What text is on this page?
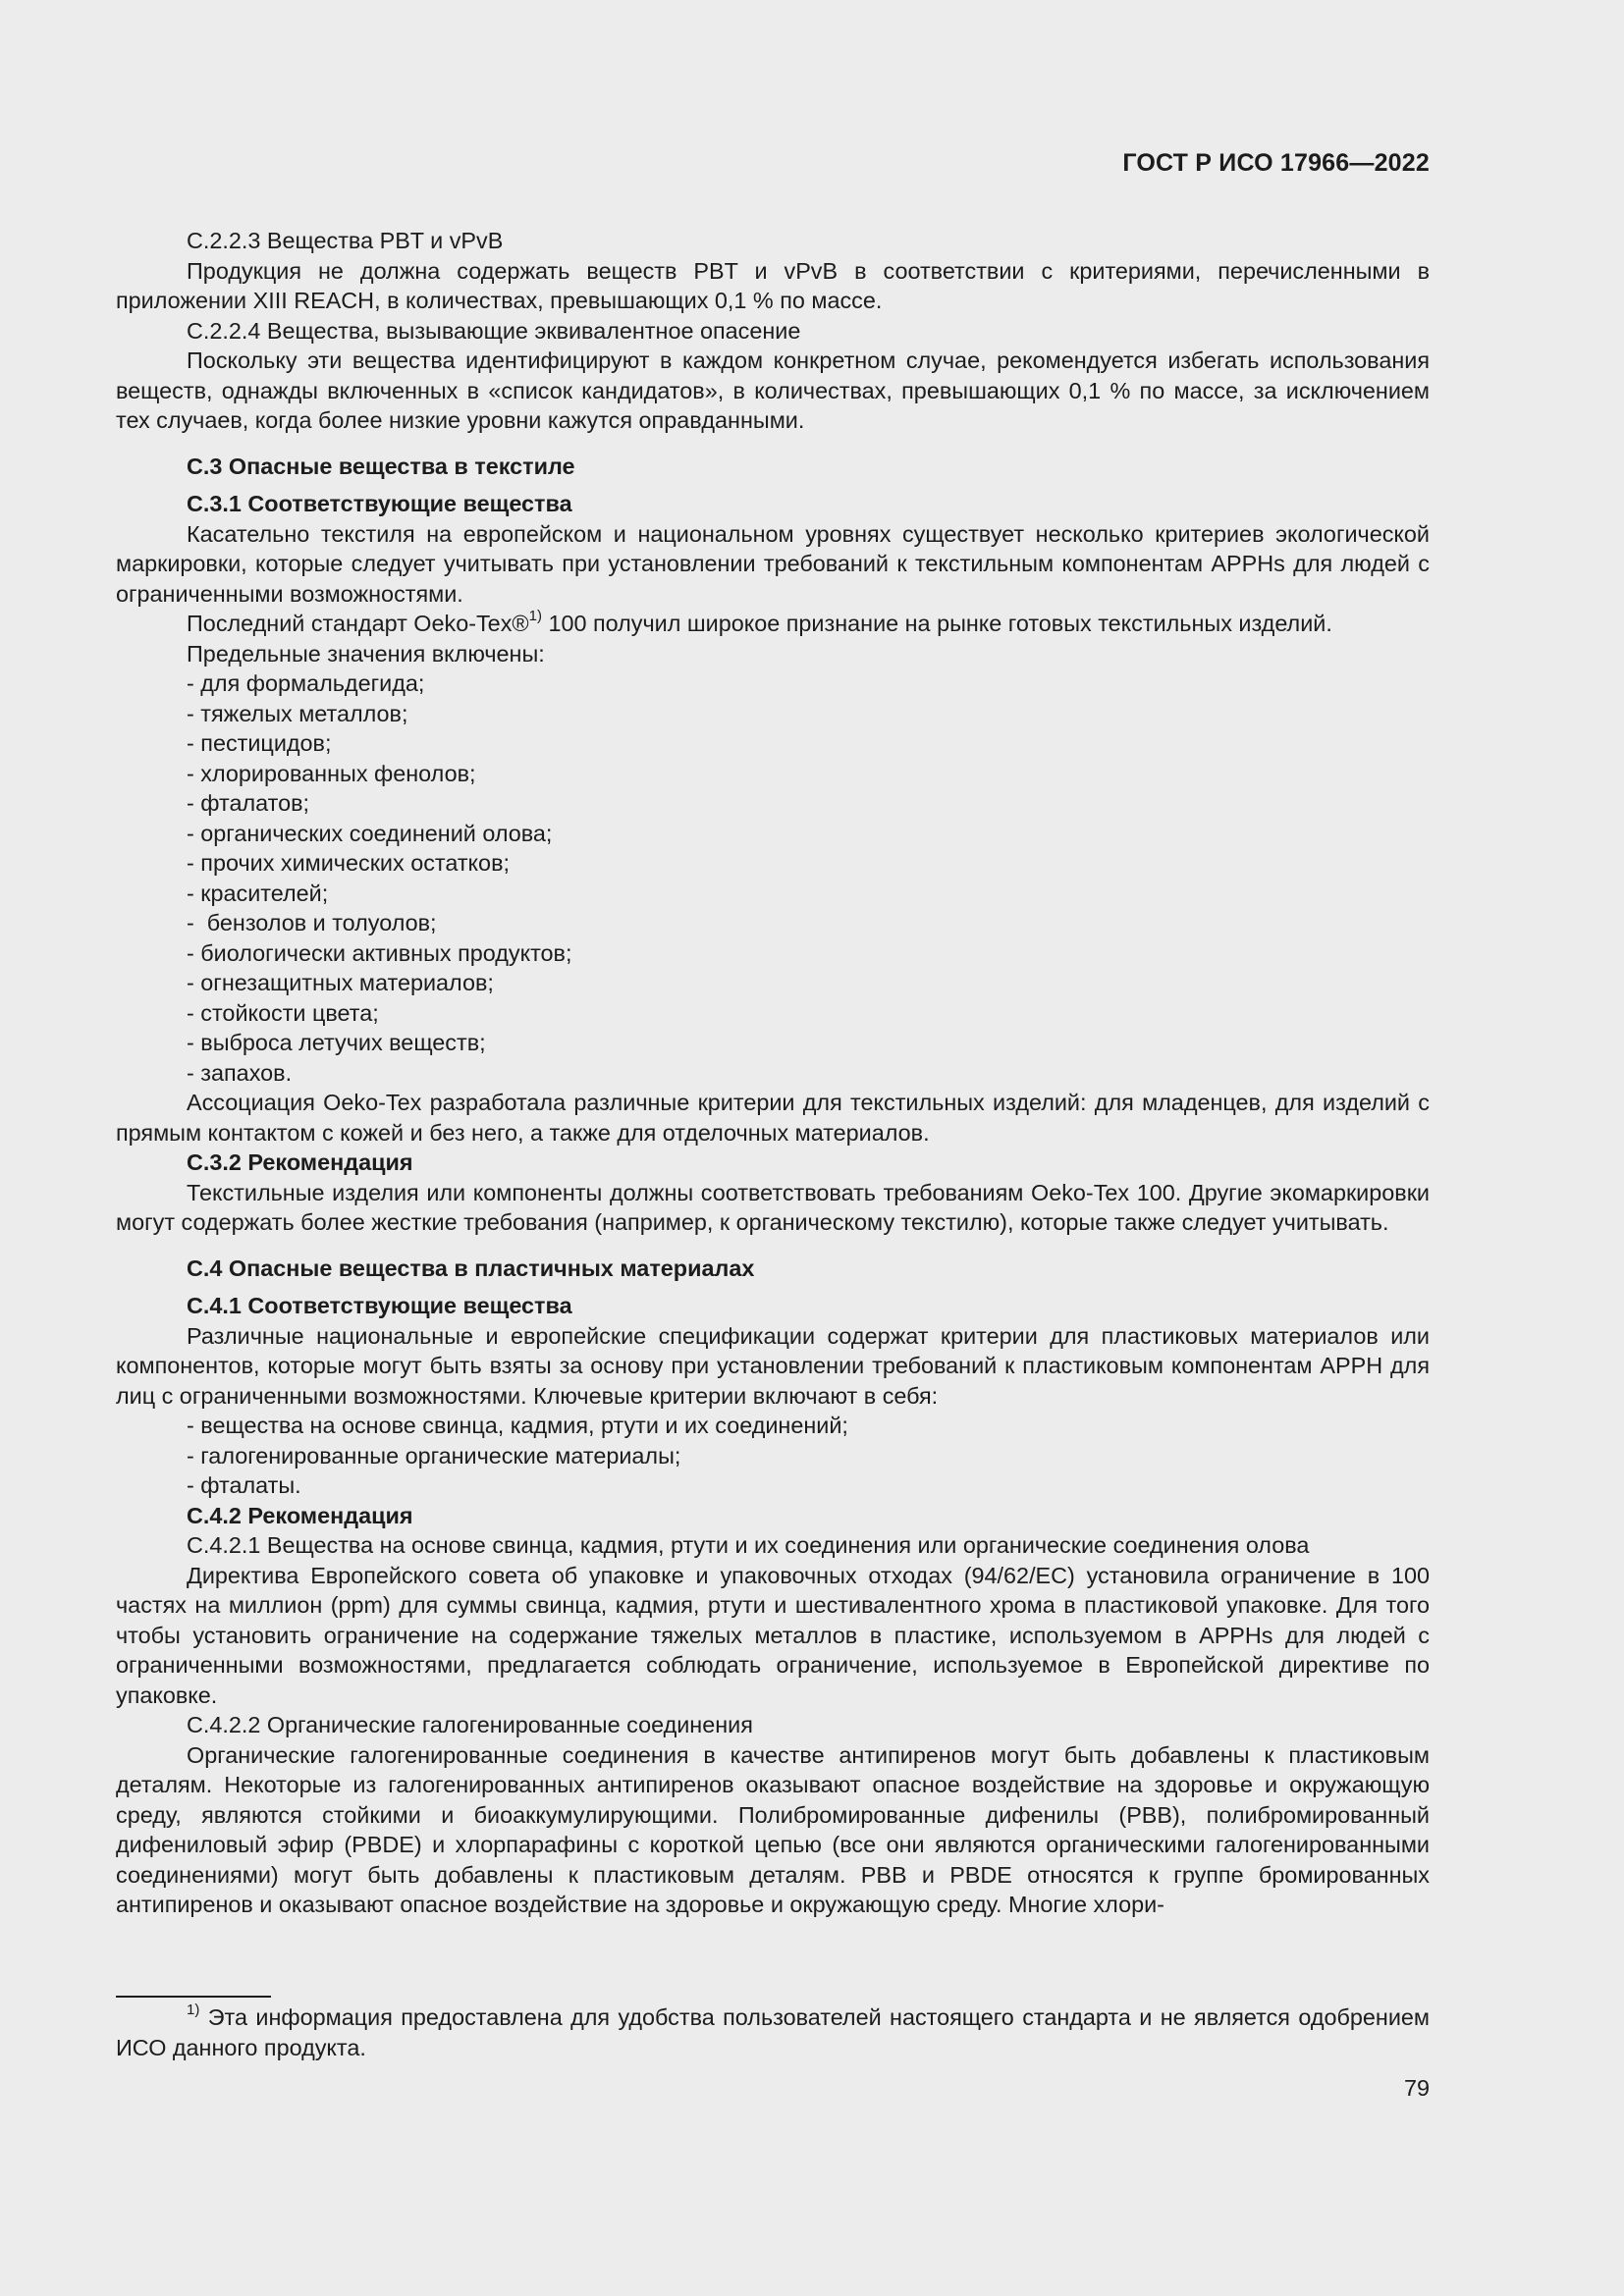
ГОСТ Р ИСО 17966—2022

С.2.2.3 Вещества PBT и vPvB

Продукция не должна содержать веществ PBT и vPvB в соответствии с критериями, перечисленными в приложении XIII REACH, в количествах, превышающих 0,1 % по массе.

С.2.2.4 Вещества, вызывающие эквивалентное опасение

Поскольку эти вещества идентифицируют в каждом конкретном случае, рекомендуется избегать использования веществ, однажды включенных в «список кандидатов», в количествах, превышающих 0,1 % по массе, за исключением тех случаев, когда более низкие уровни кажутся оправданными.

С.3 Опасные вещества в текстиле

С.3.1 Соответствующие вещества

Касательно текстиля на европейском и национальном уровнях существует несколько критериев экологической маркировки, которые следует учитывать при установлении требований к текстильным компонентам APPHs для людей с ограниченными возможностями.

Последний стандарт Oeko-Tex®$^{1)}$ 100 получил широкое признание на рынке готовых текстильных изделий.

Предельные значения включены:

- для формальдегида;

- тяжелых металлов;

- пестицидов;

- хлорированных фенолов;

- фталатов;

- органических соединений олова;

- прочих химических остатков;

- красителей;

-  бензолов и толуолов;

- биологически активных продуктов;

- огнезащитных материалов;

- стойкости цвета;

- выброса летучих веществ;

- запахов.

Ассоциация Oeko-Tex разработала различные критерии для текстильных изделий: для младенцев, для изделий с прямым контактом с кожей и без него, а также для отделочных материалов.

С.3.2 Рекомендация

Текстильные изделия или компоненты должны соответствовать требованиям Oeko-Tex 100. Другие экомаркировки могут содержать более жесткие требования (например, к органическому текстилю), которые также следует учитывать.

С.4 Опасные вещества в пластичных материалах

С.4.1 Соответствующие вещества

Различные национальные и европейские спецификации содержат критерии для пластиковых материалов или компонентов, которые могут быть взяты за основу при установлении требований к пластиковым компонентам APPH для лиц с ограниченными возможностями. Ключевые критерии включают в себя:

- вещества на основе свинца, кадмия, ртути и их соединений;

- галогенированные органические материалы;

- фталаты.

С.4.2 Рекомендация

С.4.2.1 Вещества на основе свинца, кадмия, ртути и их соединения или органические соединения олова

Директива Европейского совета об упаковке и упаковочных отходах (94/62/EC) установила ограничение в 100 частях на миллион (ppm) для суммы свинца, кадмия, ртути и шестивалентного хрома в пластиковой упаковке. Для того чтобы установить ограничение на содержание тяжелых металлов в пластике, используемом в APPHs для людей с ограниченными возможностями, предлагается соблюдать ограничение, используемое в Европейской директиве по упаковке.

С.4.2.2 Органические галогенированные соединения

Органические галогенированные соединения в качестве антипиренов могут быть добавлены к пластиковым деталям. Некоторые из галогенированных антипиренов оказывают опасное воздействие на здоровье и окружающую среду, являются стойкими и биоаккумулирующими. Полибромированные дифенилы (PBB), полибромированный дифениловый эфир (PBDE) и хлорпарафины с короткой цепью (все они являются органическими галогенированными соединениями) могут быть добавлены к пластиковым деталям. PBB и PBDE относятся к группе бромированных антипиренов и оказывают опасное воздействие на здоровье и окружающую среду. Многие хлори-

$^{1)}$ Эта информация предоставлена для удобства пользователей настоящего стандарта и не является одобрением ИСО данного продукта.

79
